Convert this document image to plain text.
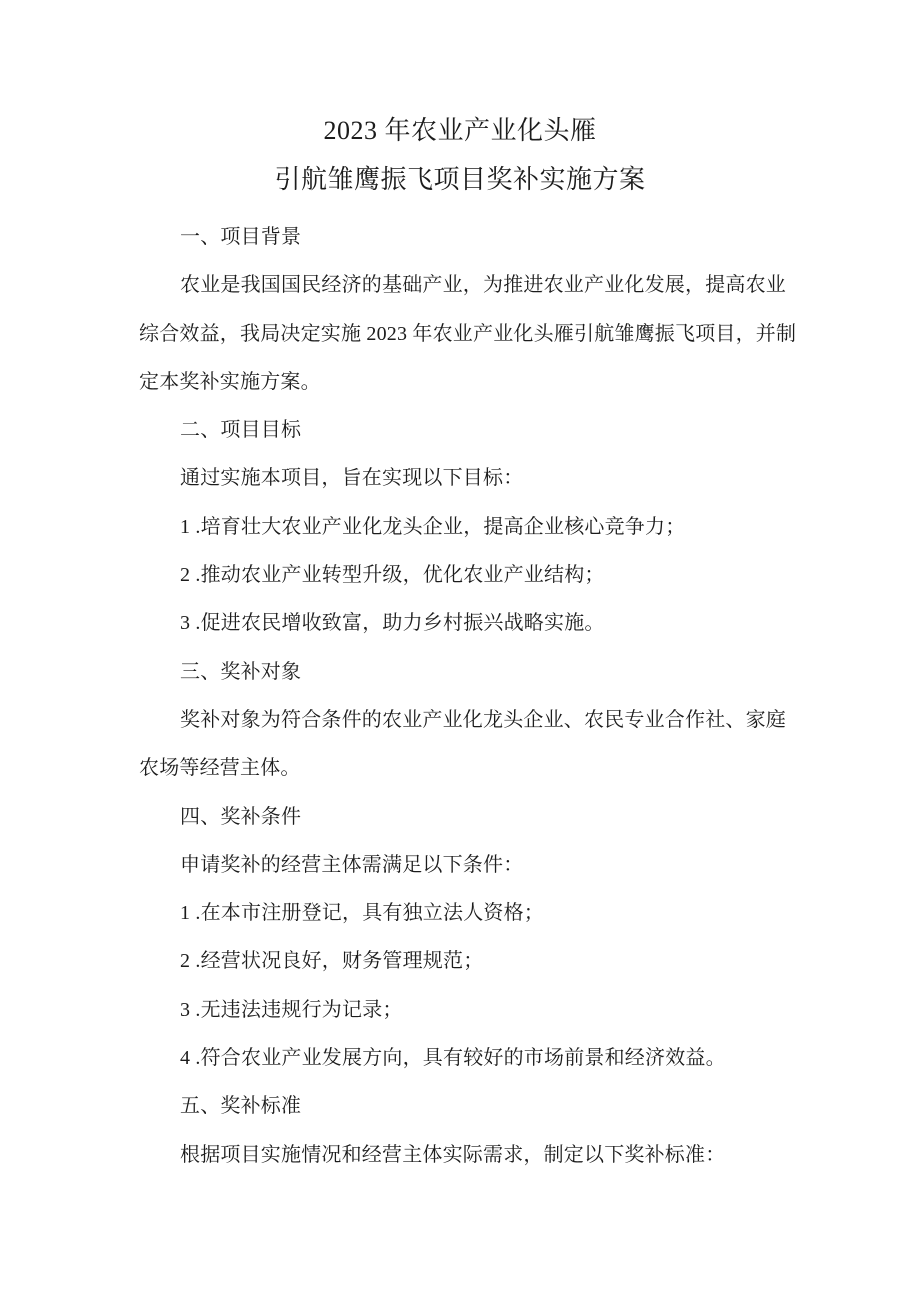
2023 年农业产业化头雁
引航雏鹰振飞项目奖补实施方案
一、项目背景
农业是我国国民经济的基础产业，为推进农业产业化发展，提高农业
综合效益，我局决定实施 2023 年农业产业化头雁引航雏鹰振飞项目，并制
定本奖补实施方案。
二、项目目标
通过实施本项目，旨在实现以下目标：
1 .培育壮大农业产业化龙头企业，提高企业核心竞争力；
2 .推动农业产业转型升级，优化农业产业结构；
3 .促进农民增收致富，助力乡村振兴战略实施。
三、奖补对象
奖补对象为符合条件的农业产业化龙头企业、农民专业合作社、家庭
农场等经营主体。
四、奖补条件
申请奖补的经营主体需满足以下条件：
1 .在本市注册登记，具有独立法人资格；
2 .经营状况良好，财务管理规范；
3 .无违法违规行为记录；
4 .符合农业产业发展方向，具有较好的市场前景和经济效益。
五、奖补标准
根据项目实施情况和经营主体实际需求，制定以下奖补标准：
